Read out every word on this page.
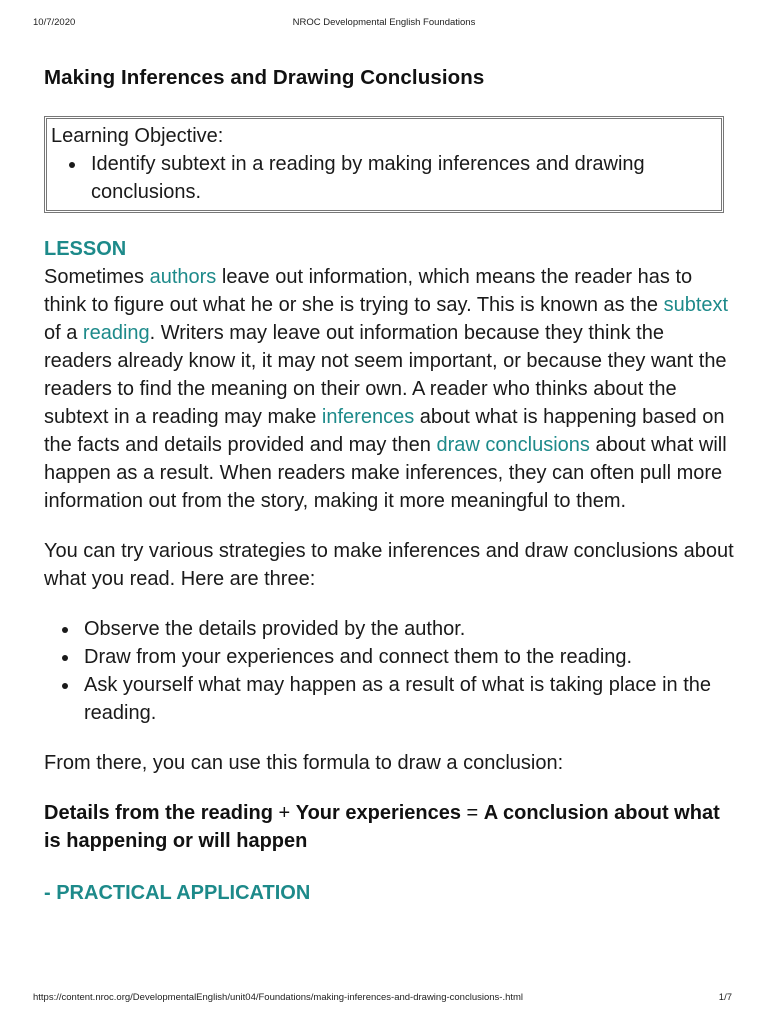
10/7/2020	NROC Developmental English Foundations
Making Inferences and Drawing Conclusions
Learning Objective:
• Identify subtext in a reading by making inferences and drawing conclusions.
LESSON

Sometimes authors leave out information, which means the reader has to think to figure out what he or she is trying to say. This is known as the subtext of a reading. Writers may leave out information because they think the readers already know it, it may not seem important, or because they want the readers to find the meaning on their own. A reader who thinks about the subtext in a reading may make inferences about what is happening based on the facts and details provided and may then draw conclusions about what will happen as a result. When readers make inferences, they can often pull more information out from the story, making it more meaningful to them.

You can try various strategies to make inferences and draw conclusions about what you read. Here are three:

• Observe the details provided by the author.
• Draw from your experiences and connect them to the reading.
• Ask yourself what may happen as a result of what is taking place in the reading.

From there, you can use this formula to draw a conclusion:

Details from the reading + Your experiences = A conclusion about what is happening or will happen

- PRACTICAL APPLICATION
https://content.nroc.org/DevelopmentalEnglish/unit04/Foundations/making-inferences-and-drawing-conclusions-.html	1/7
